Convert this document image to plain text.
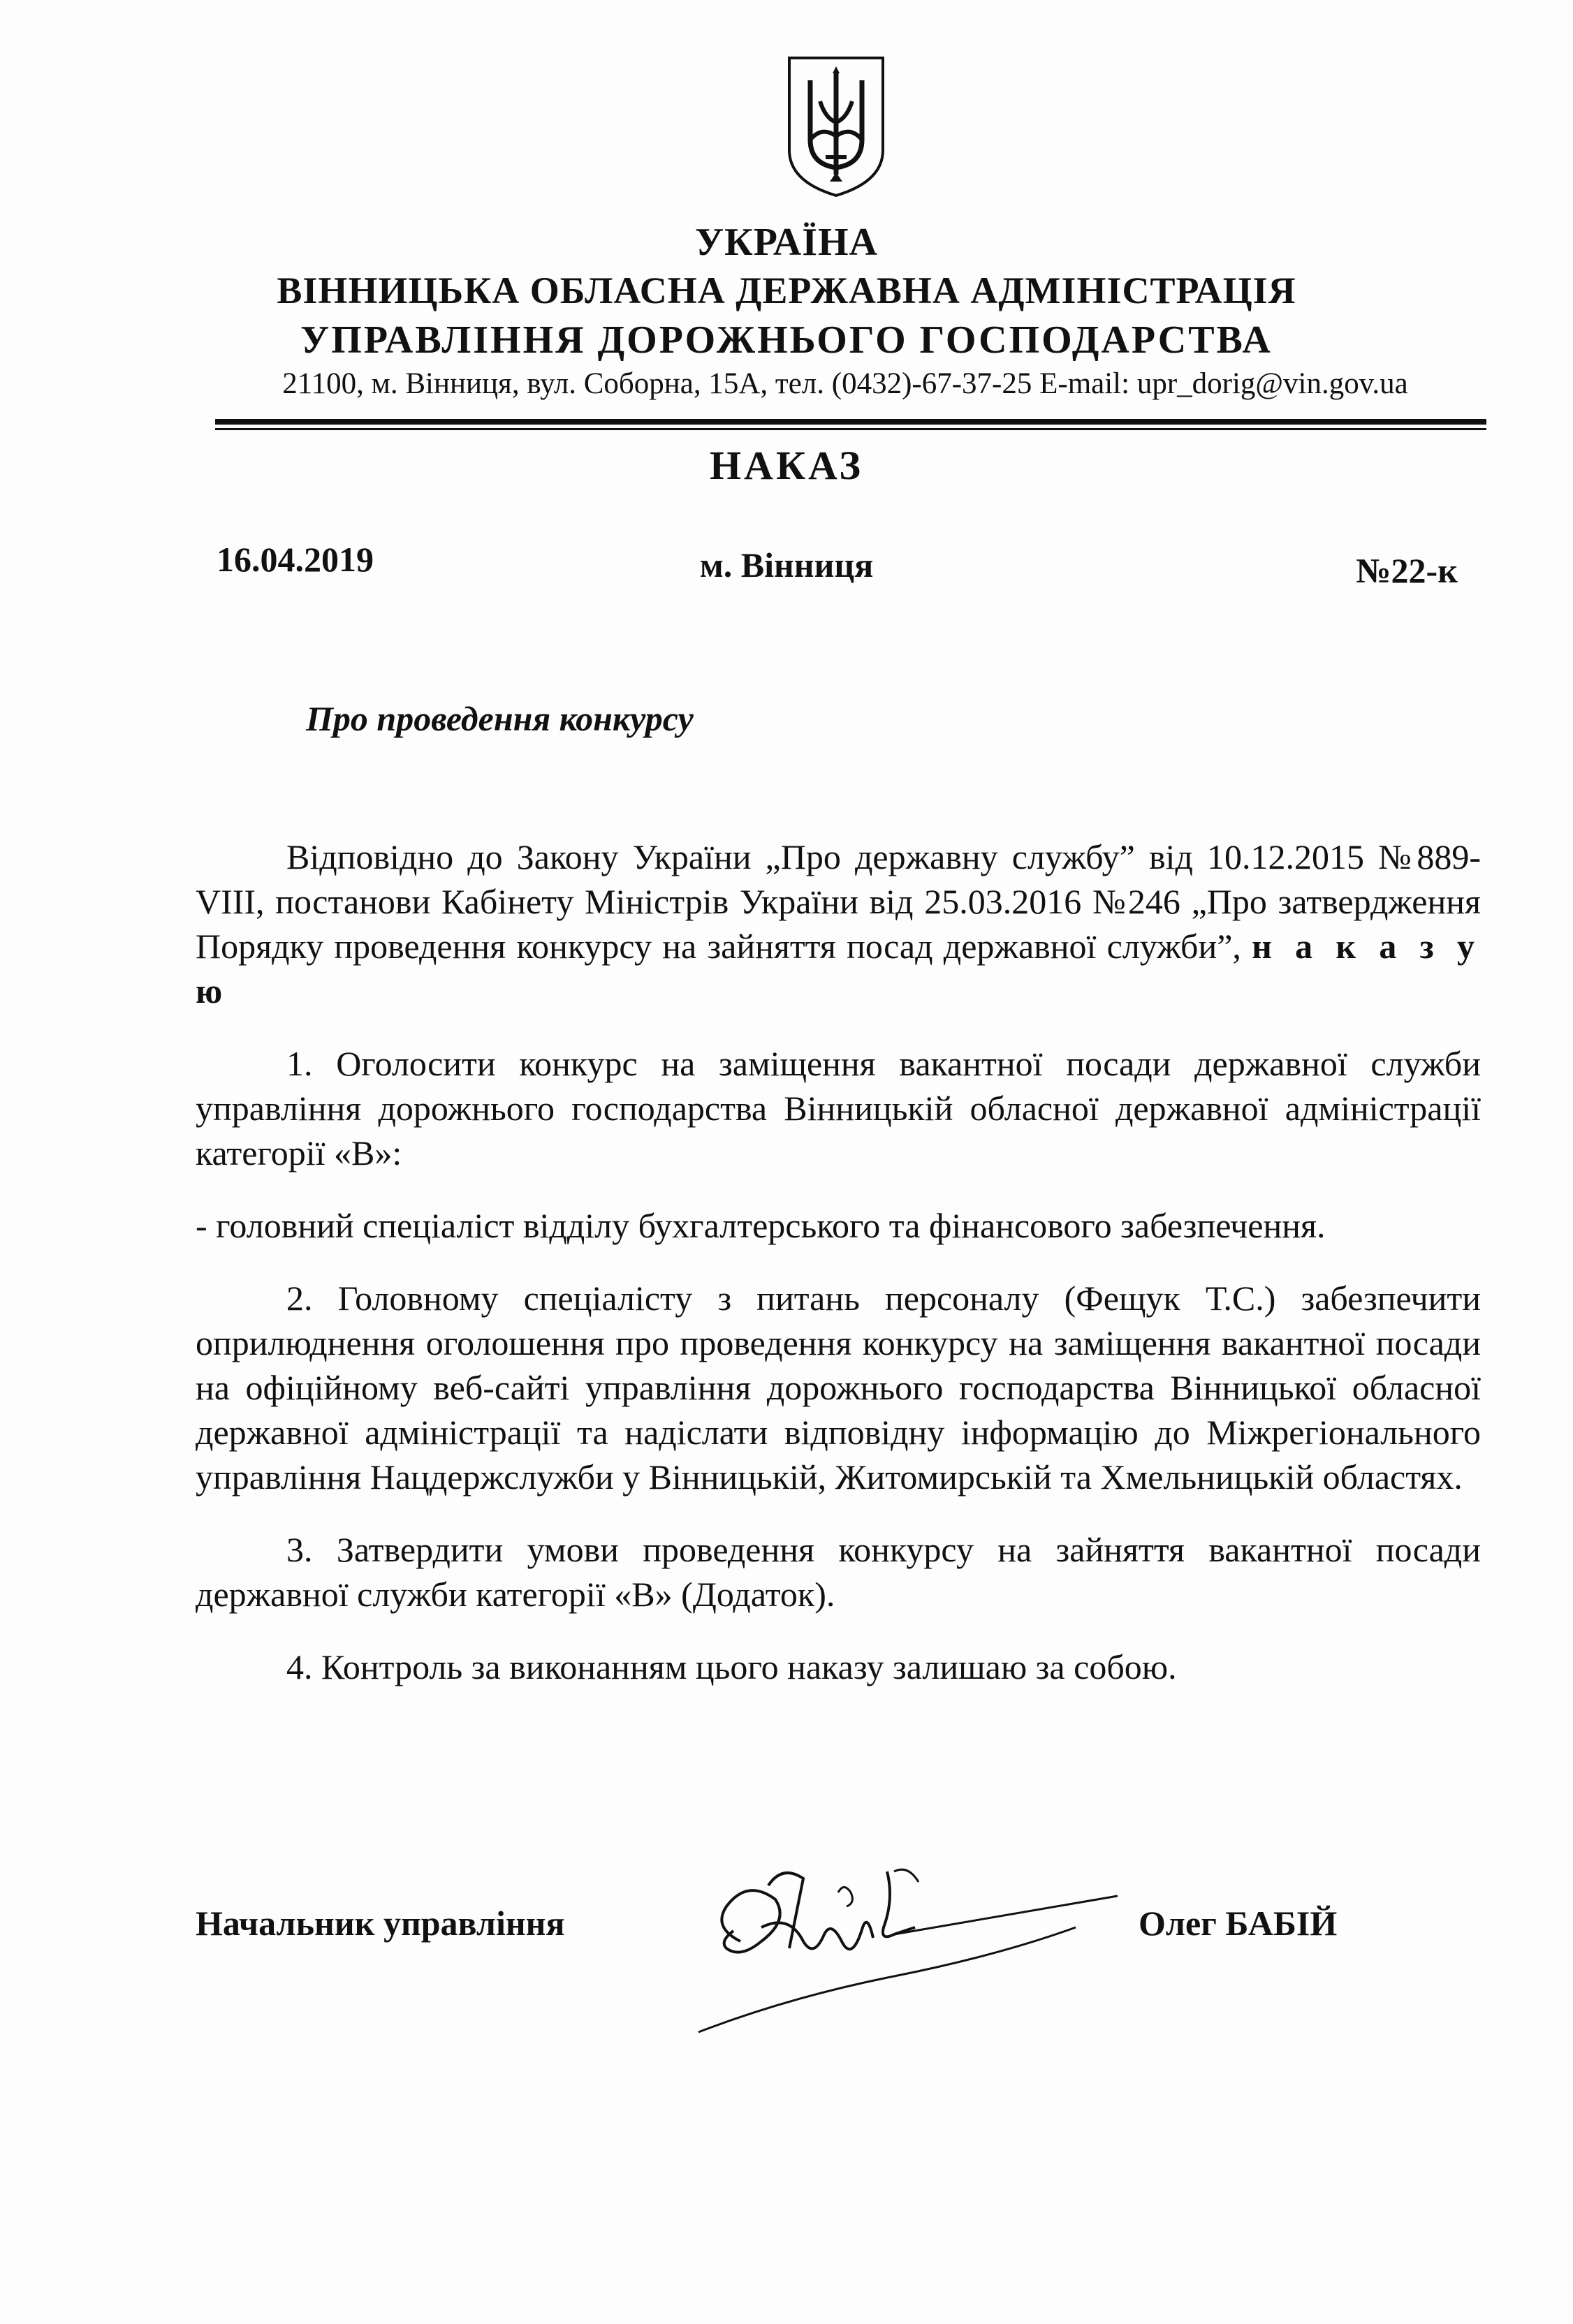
УКРАЇНА
ВІННИЦЬКА ОБЛАСНА ДЕРЖАВНА АДМІНІСТРАЦІЯ
УПРАВЛІННЯ ДОРОЖНЬОГО ГОСПОДАРСТВА
21100, м. Вінниця, вул. Соборна, 15А, тел. (0432)-67-37-25 E-mail: upr_dorig@vin.gov.ua
НАКАЗ
16.04.2019	м. Вінниця	№22-к
Про проведення конкурсу

Відповідно до Закону України „Про державну службу” від 10.12.2015 №889-VIII, постанови Кабінету Міністрів України від 25.03.2016 №246 „Про затвердження Порядку проведення конкурсу на зайняття посад державної служби”, н а к а з у ю

1. Оголосити конкурс на заміщення вакантної посади державної служби управління дорожнього господарства Вінницькій обласної державної адміністрації категорії «В»:

- головний спеціаліст відділу бухгалтерського та фінансового забезпечення.

2. Головному спеціалісту з питань персоналу (Фещук Т.С.) забезпечити оприлюднення оголошення про проведення конкурсу на заміщення вакантної посади на офіційному веб-сайті управління дорожнього господарства Вінницької обласної державної адміністрації та надіслати відповідну інформацію до Міжрегіонального управління Нацдержслужби у Вінницькій, Житомирській та Хмельницькій областях.

3. Затвердити умови проведення конкурсу на зайняття вакантної посади державної служби категорії «В» (Додаток).

4. Контроль за виконанням цього наказу залишаю за собою.

Начальник управління	Олег БАБІЙ
